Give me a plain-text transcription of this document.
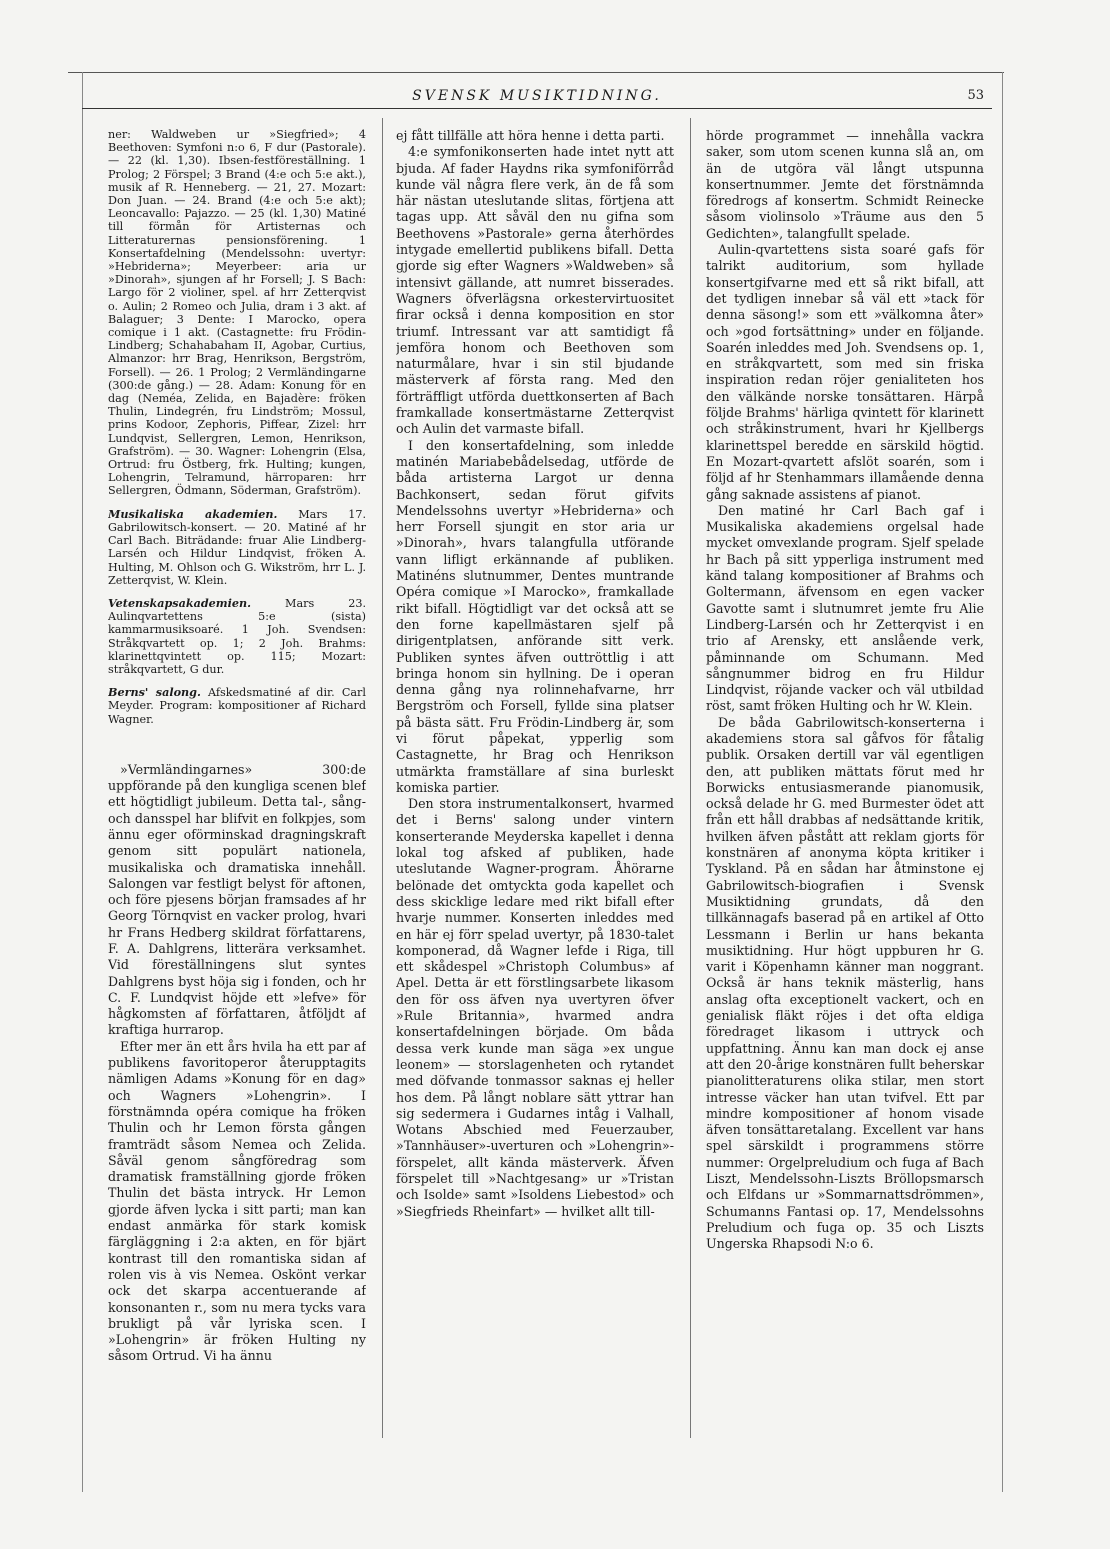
SVENSK MUSIKTIDNING.	53

ner: Waldweben ur »Siegfried»; 4 Beethoven: Symfoni n:o 6, F dur (Pastorale). — 22 (kl. 1,30). Ibsen-festföreställning. 1 Prolog; 2 Förspel; 3 Brand (4:e och 5:e akt.), musik af R. Henneberg. — 21, 27. Mozart: Don Juan. — 24. Brand (4:e och 5:e akt); Leoncavallo: Pajazzo. — 25 (kl. 1,30) Matiné till förmån för Artisternas och Litteraturernas pensionsförening. 1 Konsertafdelning (Mendelssohn: uvertyr: »Hebriderna»; Meyerbeer: aria ur »Dinorah», sjungen af hr Forsell; J. S Bach: Largo för 2 violiner, spel. af hrr Zetterqvist o. Aulin; 2 Romeo och Julia, dram i 3 akt. af Balaguer; 3 Dente: I Marocko, opera comique i 1 akt. (Castagnette: fru Frödin-Lindberg; Schahabaham II, Agobar, Curtius, Almanzor: hrr Brag, Henrikson, Bergström, Forsell). — 26. 1 Prolog; 2 Vermländingarne (300:de gång.) — 28. Adam: Konung för en dag (Neméa, Zelida, en Bajadère: fröken Thulin, Lindegrén, fru Lindström; Mossul, prins Kodoor, Zephoris, Piffear, Zizel: hrr Lundqvist, Sellergren, Lemon, Henrikson, Grafström). — 30. Wagner: Lohengrin (Elsa, Ortrud: fru Östberg, frk. Hulting; kungen, Lohengrin, Telramund, härroparen: hrr Sellergren, Ödmann, Söderman, Grafström).

Musikaliska akademien. Mars 17. Gabrilowitsch-konsert. — 20. Matiné af hr Carl Bach. Biträdande: fruar Alie Lindberg-Larsén och Hildur Lindqvist, fröken A. Hulting, M. Ohlson och G. Wikström, hrr L. J. Zetterqvist, W. Klein.

Vetenskapsakademien.	Mars 23. Aulinqvartettens 5:e (sista) kammarmusiksoaré. 1 Joh. Svendsen: Stråkqvartett op. 1; 2 Joh. Brahms: klarinettqvintett op. 115; Mozart: stråkqvartett, G dur.

Berns' salong. Afskedsmatiné af dir. Carl Meyder. Program: kompositioner af Richard Wagner.

»Vermländingarnes» 300:de uppförande på den kungliga scenen blef ett högtidligt jubileum. Detta tal-, sång- och dansspel har blifvit en folkpjes, som ännu eger oförminskad dragningskraft genom sitt populärt nationela, musikaliska och dramatiska innehåll. Salongen var festligt belyst för aftonen, och före pjesens början framsades af hr Georg Törnqvist en vacker prolog, hvari hr Frans Hedberg skildrat författarens, F. A. Dahlgrens, litterära verksamhet. Vid föreställningens slut syntes Dahlgrens byst höja sig i fonden, och hr C. F. Lundqvist höjde ett »lefve» för hågkomsten af författaren, åtföljdt af kraftiga hurrarop.

Efter mer än ett års hvila ha ett par af publikens favoritoperor återupptagits nämligen Adams »Konung för en dag» och Wagners »Lohengrin». I förstnämnda opéra comique ha fröken Thulin och hr Lemon första gången framträdt såsom Nemea och Zelida. Såväl genom sångföredrag som dramatisk framställning gjorde fröken Thulin det bästa intryck. Hr Lemon gjorde äfven lycka i sitt parti; man kan endast anmärka för stark komisk färgläggning i 2:a akten, en för bjärt kontrast till den romantiska sidan af rolen vis à vis Nemea. Oskönt verkar ock det skarpa accentuerande af konsonanten r., som nu mera tycks vara brukligt på vår lyriska scen. I »Lohengrin» är fröken Hulting ny såsom Ortrud. Vi ha ännu

ej fått tillfälle att höra henne i detta parti.

4:e symfonikonserten hade intet nytt att bjuda. Af fader Haydns rika symfoniförråd kunde väl några flere verk, än de få som här nästan uteslutande slitas, förtjena att tagas upp. Att såväl den nu gifna som Beethovens »Pastorale» gerna återhördes intygade emellertid publikens bifall. Detta gjorde sig efter Wagners »Waldweben» så intensivt gällande, att numret bisserades. Wagners öfverlägsna orkestervirtuositet firar också i denna komposition en stor triumf. Intressant var att samtidigt få jemföra honom och Beethoven som naturmålare, hvar i sin stil bjudande mästerverk af första rang. Med den förträffligt utförda duettkonserten af Bach framkallade konsertmästarne Zetterqvist och Aulin det varmaste bifall.

I den konsertafdelning, som inledde matinén Mariabebådelsedag, utförde de båda artisterna Largot ur denna Bachkonsert, sedan förut gifvits Mendelssohns uvertyr »Hebriderna» och herr Forsell sjungit en stor aria ur »Dinorah», hvars talangfulla utförande vann lifligt erkännande af publiken. Matinéns slutnummer, Dentes muntrande Opéra comique »I Marocko», framkallade rikt bifall. Högtidligt var det också att se den forne kapellmästaren sjelf på dirigentplatsen, anförande sitt verk. Publiken syntes äfven outtröttlig i att bringa honom sin hyllning. De i operan denna gång nya rolinnehafvarne, hrr Bergström och Forsell, fyllde sina platser på bästa sätt. Fru Frödin-Lindberg är, som vi förut påpekat, ypperlig som Castagnette, hr Brag och Henrikson utmärkta framställare af sina burleskt komiska partier.

Den stora instrumentalkonsert, hvarmed det i Berns' salong under vintern konserterande Meyderska kapellet i denna lokal tog afsked af publiken, hade uteslutande Wagner-program. Åhörarne belönade det omtyckta goda kapellet och dess skicklige ledare med rikt bifall efter hvarje nummer. Konserten inleddes med en här ej förr spelad uvertyr, på 1830-talet komponerad, då Wagner lefde i Riga, till ett skådespel »Christoph Columbus» af Apel. Detta är ett förstlingsarbete likasom den för oss äfven nya uvertyren öfver »Rule Britannia», hvarmed andra konsertafdelningen började. Om båda dessa verk kunde man säga »ex ungue leonem» — storslagenheten och rytandet med döfvande tonmassor saknas ej heller hos dem. På långt noblare sätt yttrar han sig sedermera i Gudarnes intåg i Valhall, Wotans Abschied med Feuerzauber, »Tannhäuser»-uverturen och »Lohengrin»-förspelet, allt kända mästerverk. Äfven förspelet till »Nachtgesang» ur »Tristan och Isolde» samt »Isoldens Liebestod» och »Siegfrieds Rheinfart» — hvilket allt till-

hörde programmet — innehålla vackra saker, som utom scenen kunna slå an, om än de utgöra väl långt utspunna konsertnummer. Jemte det förstnämnda föredrogs af konsertm. Schmidt Reinecke såsom violinsolo »Träume aus den 5 Gedichten», talangfullt spelade.

Aulin-qvartettens sista soaré gafs för talrikt auditorium, som hyllade konsertgifvarne med ett så rikt bifall, att det tydligen innebar så väl ett »tack för denna säsong!» som ett »välkomna åter» och »god fortsättning» under en följande. Soarén inleddes med Joh. Svendsens op. 1, en stråkqvartett, som med sin friska inspiration redan röjer genialiteten hos den välkände norske tonsättaren. Härpå följde Brahms' härliga qvintett för klarinett och stråkinstrument, hvari hr Kjellbergs klarinettspel beredde en särskild högtid. En Mozart-qvartett afslöt soarén, som i följd af hr Stenhammars illamående denna gång saknade assistens af pianot.

Den matiné hr Carl Bach gaf i Musikaliska akademiens orgelsal hade mycket omvexlande program. Sjelf spelade hr Bach på sitt ypperliga instrument med känd talang kompositioner af Brahms och Goltermann, äfvensom en egen vacker Gavotte samt i slutnumret jemte fru Alie Lindberg-Larsén och hr Zetterqvist i en trio af Arensky, ett anslående verk, påminnande om Schumann. Med sångnummer bidrog en fru Hildur Lindqvist, röjande vacker och väl utbildad röst, samt fröken Hulting och hr W. Klein.

De båda Gabrilowitsch-konserterna i akademiens stora sal gåfvos för fåtalig publik. Orsaken dertill var väl egentligen den, att publiken mättats förut med hr Borwicks entusiasmerande pianomusik, också delade hr G. med Burmester ödet att från ett håll drabbas af nedsättande kritik, hvilken äfven påstått att reklam gjorts för konstnären af anonyma köpta kritiker i Tyskland. På en sådan har åtminstone ej Gabrilowitsch-biografien i Svensk Musiktidning grundats, då den tillkännagafs baserad på en artikel af Otto Lessmann i Berlin ur hans bekanta musiktidning. Hur högt uppburen hr G. varit i Köpenhamn känner man noggrant. Också är hans teknik mästerlig, hans anslag ofta exceptionelt vackert, och en genialisk fläkt röjes i det ofta eldiga föredraget likasom i uttryck och uppfattning. Ännu kan man dock ej anse att den 20-årige konstnären fullt beherskar pianolitteraturens olika stilar, men stort intresse väcker han utan tvifvel. Ett par mindre kompositioner af honom visade äfven tonsättaretalang. Excellent var hans spel särskildt i programmens större nummer: Orgelpreludium och fuga af Bach Liszt, Mendelssohn-Liszts Bröllopsmarsch och Elfdans ur »Sommarnattsdrömmen», Schumanns Fantasi op. 17, Mendelssohns Preludium och fuga op. 35 och Liszts Ungerska Rhapsodi N:o 6.
